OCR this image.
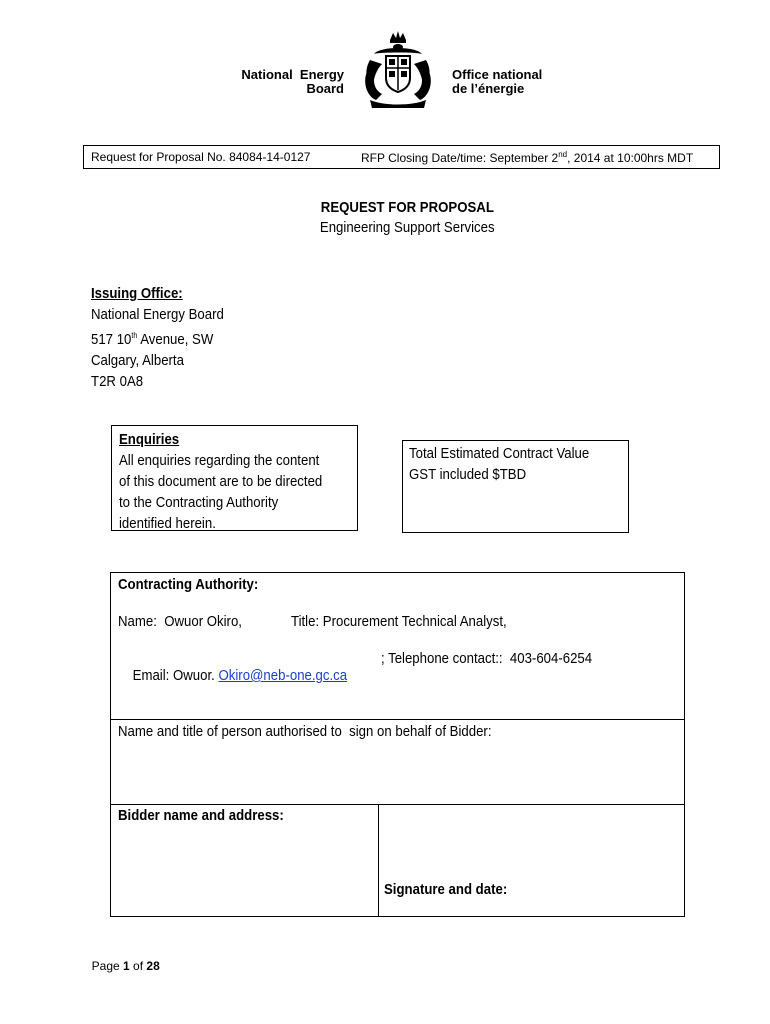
National  Energy
Board
Office national
de l’énergie
Request for Proposal No. 84084-14-0127	RFP Closing Date/time: September 2nd, 2014 at 10:00hrs MDT
REQUEST FOR PROPOSAL
Engineering Support Services
Issuing Office:
National Energy Board
517 10th Avenue, SW
Calgary, Alberta
T2R 0A8
Enquiries
All enquiries regarding the content
of this document are to be directed
to the Contracting Authority
identified herein.
Total Estimated Contract Value
GST included $TBD
Contracting Authority:
Name:  Owuor Okiro,	Title: Procurement Technical Analyst,

Email: Owuor. Okiro@neb-one.gc.ca

; Telephone contact::  403-604-6254
Name and title of person authorised to  sign on behalf of Bidder:
Bidder name and address:
Signature and date:

Page 1 of 28
